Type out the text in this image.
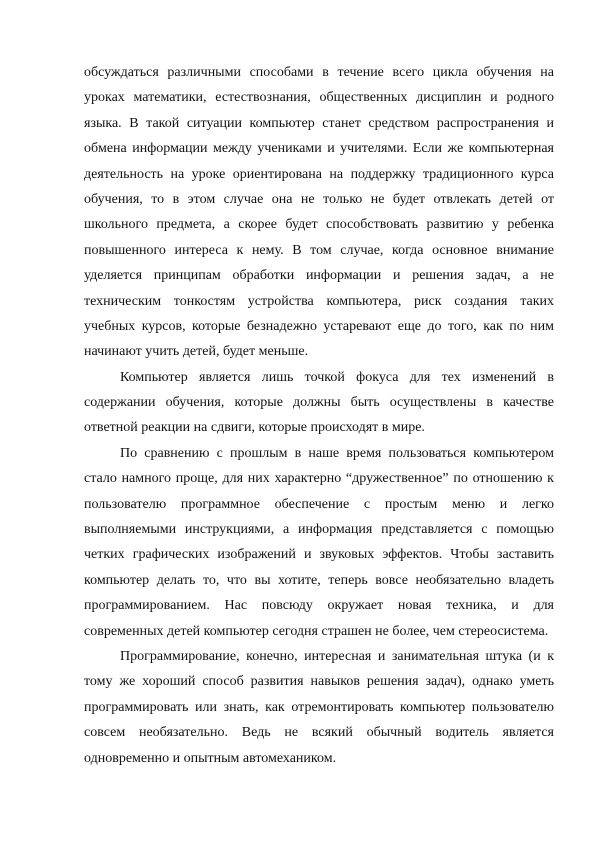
обсуждаться различными способами в течение всего цикла обучения на
уроках математики, естествознания, общественных дисциплин и родного
языка. В такой ситуации компьютер станет средством распространения и
обмена информации между учениками и учителями. Если же компьютерная
деятельность на уроке ориентирована на поддержку традиционного курса
обучения, то в этом случае она не только не будет отвлекать детей от
школьного предмета, а скорее будет способствовать развитию у ребенка
повышенного интереса к нему. В том случае, когда основное внимание
уделяется принципам обработки информации и решения задач, а не
техническим тонкостям устройства компьютера, риск создания таких
учебных курсов, которые безнадежно устаревают еще до того, как по ним
начинают учить детей, будет меньше.
Компьютер является лишь точкой фокуса для тех изменений в
содержании обучения, которые должны быть осуществлены в качестве
ответной реакции на сдвиги, которые происходят в мире.
По сравнению с прошлым в наше время пользоваться компьютером
стало намного проще, для них характерно “дружественное” по отношению к
пользователю программное обеспечение с простым меню и легко
выполняемыми инструкциями, а информация представляется с помощью
четких графических изображений и звуковых эффектов. Чтобы заставить
компьютер делать то, что вы хотите, теперь вовсе необязательно владеть
программированием. Нас повсюду окружает новая техника, и для
современных детей компьютер сегодня страшен не более, чем стереосистема.
Программирование, конечно, интересная и занимательная штука (и к
тому же хороший способ развития навыков решения задач), однако уметь
программировать или знать, как отремонтировать компьютер пользователю
совсем необязательно. Ведь не всякий обычный водитель является
одновременно и опытным автомехаником.
